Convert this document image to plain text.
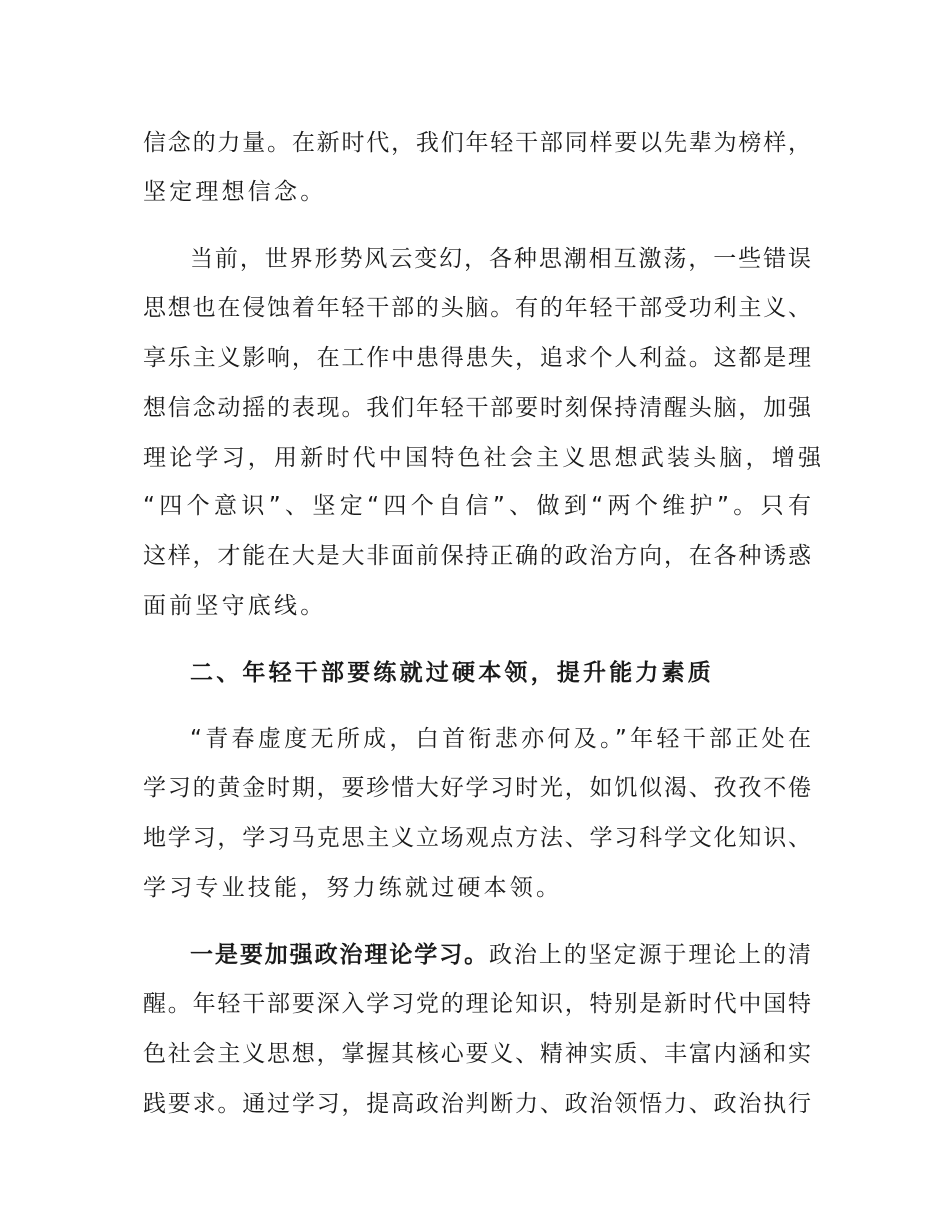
信念的力量。在新时代，我们年轻干部同样要以先辈为榜样，
坚定理想信念。
当前，世界形势风云变幻，各种思潮相互激荡，一些错误
思想也在侵蚀着年轻干部的头脑。有的年轻干部受功利主义、
享乐主义影响，在工作中患得患失，追求个人利益。这都是理
想信念动摇的表现。我们年轻干部要时刻保持清醒头脑，加强
理论学习，用新时代中国特色社会主义思想武装头脑，增强
“四个意识”、坚定“四个自信”、做到“两个维护”。只有
这样，才能在大是大非面前保持正确的政治方向，在各种诱惑
面前坚守底线。
二、年轻干部要练就过硬本领，提升能力素质
“青春虚度无所成，白首衔悲亦何及。”年轻干部正处在
学习的黄金时期，要珍惜大好学习时光，如饥似渴、孜孜不倦
地学习，学习马克思主义立场观点方法、学习科学文化知识、
学习专业技能，努力练就过硬本领。
一是要加强政治理论学习。政治上的坚定源于理论上的清
醒。年轻干部要深入学习党的理论知识，特别是新时代中国特
色社会主义思想，掌握其核心要义、精神实质、丰富内涵和实
践要求。通过学习，提高政治判断力、政治领悟力、政治执行
